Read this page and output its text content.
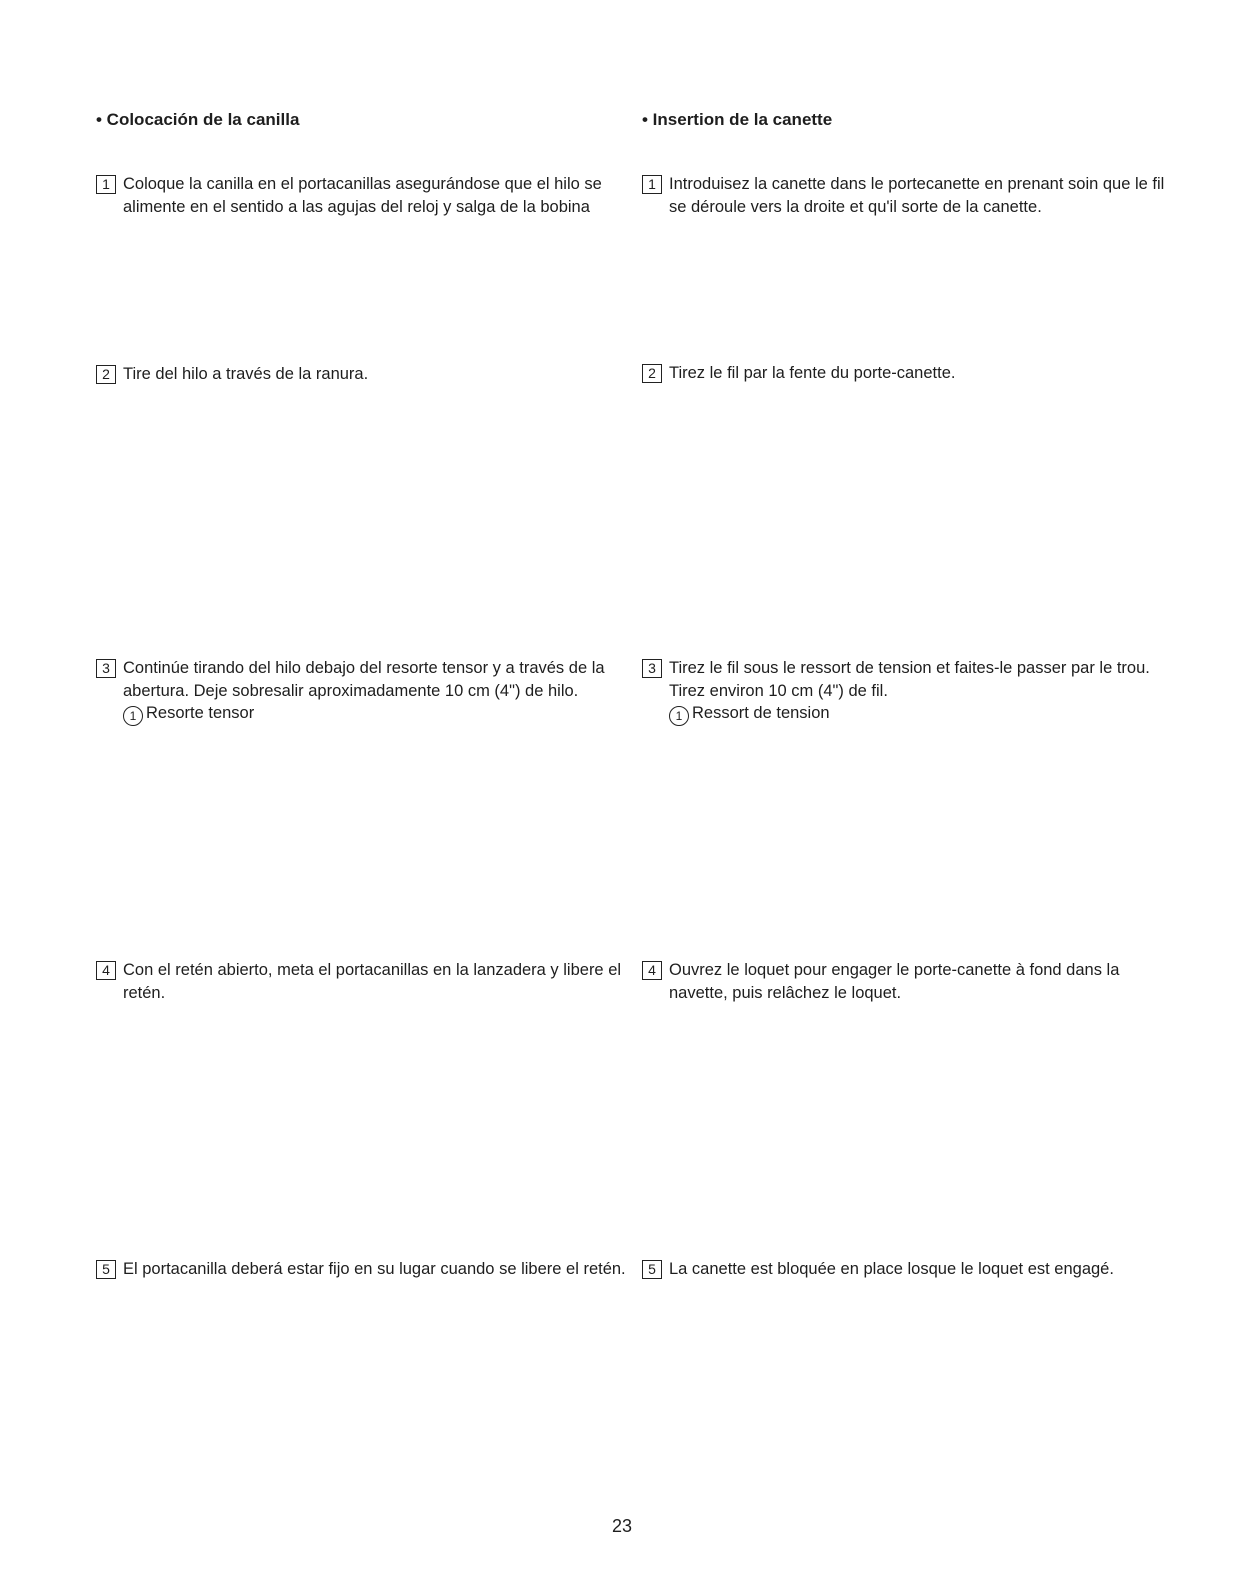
• Colocación de la canilla
1 Coloque la canilla en el portacanillas asegurándose que el hilo se alimente en el sentido a las agujas del reloj y salga de la bobina
2 Tire del hilo a través de la ranura.
3 Continúe tirando del hilo debajo del resorte tensor y a través de la abertura. Deje sobresalir aproximadamente 10 cm (4") de hilo.
1 Resorte tensor
4 Con el retén abierto, meta el portacanillas en la lanzadera y libere el retén.
5 El portacanilla deberá estar fijo en su lugar cuando se libere el retén.
• Insertion de la canette
1 Introduisez la canette dans le portecanette en prenant soin que le fil se déroule vers la droite et qu'il sorte de la canette.
2 Tirez le fil par la fente du porte-canette.
3 Tirez le fil sous le ressort de tension et faites-le passer par le trou. Tirez environ 10 cm (4") de fil.
1 Ressort de tension
4 Ouvrez le loquet pour engager le porte-canette à fond dans la navette, puis relâchez le loquet.
5 La canette est bloquée en place losque le loquet est engagé.
23
